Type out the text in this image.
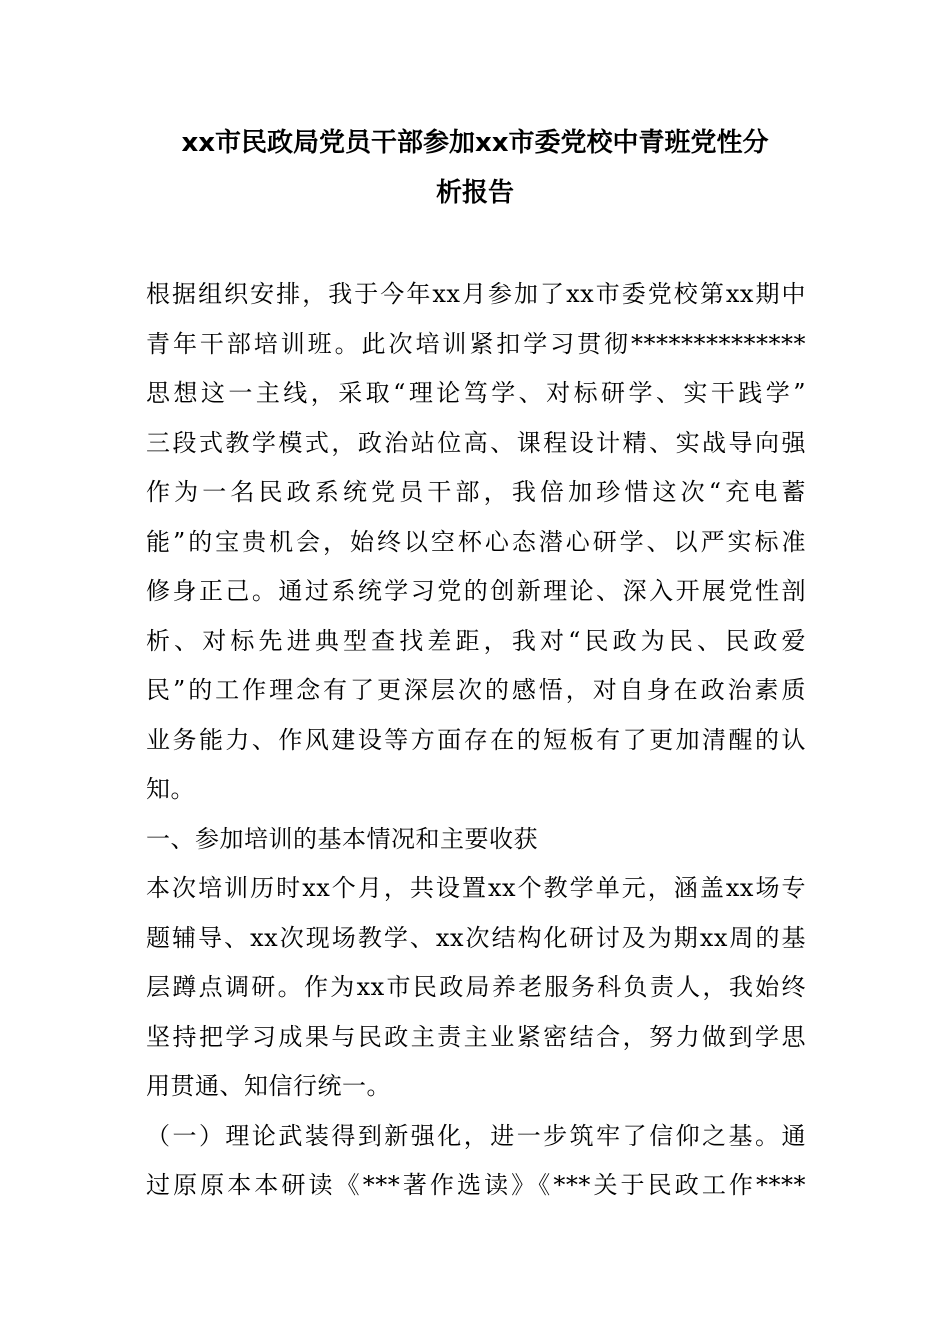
xx市民政局党员干部参加xx市委党校中青班党性分
析报告
根据组织安排，我于今年xx月参加了xx市委党校第xx期中
青年干部培训班。此次培训紧扣学习贯彻**************
思想这一主线，采取“理论笃学、对标研学、实干践学”
三段式教学模式，政治站位高、课程设计精、实战导向强
作为一名民政系统党员干部，我倍加珍惜这次“充电蓄
能”的宝贵机会，始终以空杯心态潜心研学、以严实标准
修身正己。通过系统学习党的创新理论、深入开展党性剖
析、对标先进典型查找差距，我对“民政为民、民政爱
民”的工作理念有了更深层次的感悟，对自身在政治素质
业务能力、作风建设等方面存在的短板有了更加清醒的认
知。
一、参加培训的基本情况和主要收获
本次培训历时xx个月，共设置xx个教学单元，涵盖xx场专
题辅导、xx次现场教学、xx次结构化研讨及为期xx周的基
层蹲点调研。作为xx市民政局养老服务科负责人，我始终
坚持把学习成果与民政主责主业紧密结合，努力做到学思
用贯通、知信行统一。
（一）理论武装得到新强化，进一步筑牢了信仰之基。通
过原原本本研读《***著作选读》《***关于民政工作****
